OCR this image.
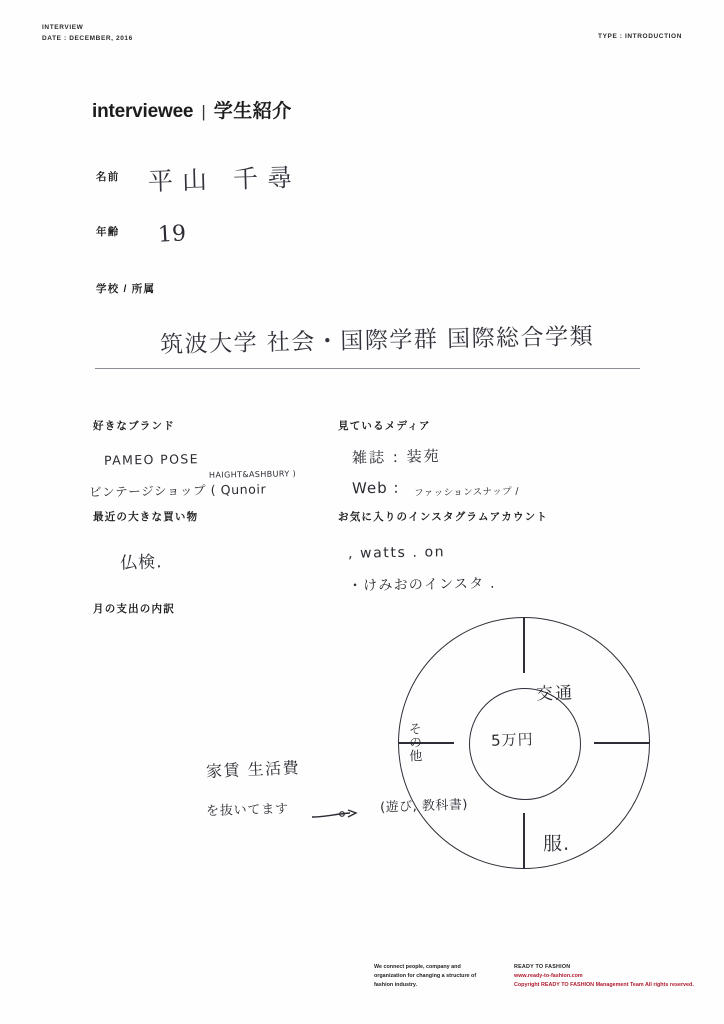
INTERVIEW
DATE : DECEMBER, 2016	TYPE : INTRODUCTION
interviewee | 学生紹介
名前 平山 千尋
年齢 19
学校 / 所属
筑波大学 社会・国際学群 国際総合学類
好きなブランド
PAMEO POSE
ビンテージショップ ( Qunoir
HAIGHT&ASHBURY )
見ているメディア
雑誌 : 装苑
Web : ファッションスナップ /
最近の大きな買い物
仏検.
お気に入りのインスタグラムアカウント
, watts . on
・けみおのインスタ .
月の支出の内訳
5万円
交通
服.
その他
(遊び, 教科書)
家賃 生活費
を抜いてます
We connect people, company and organization for changing a structure of fashion industry.
READY TO FASHION
www.ready-to-fashion.com
Copyright READY TO FASHION Management Team All rights reserved.
